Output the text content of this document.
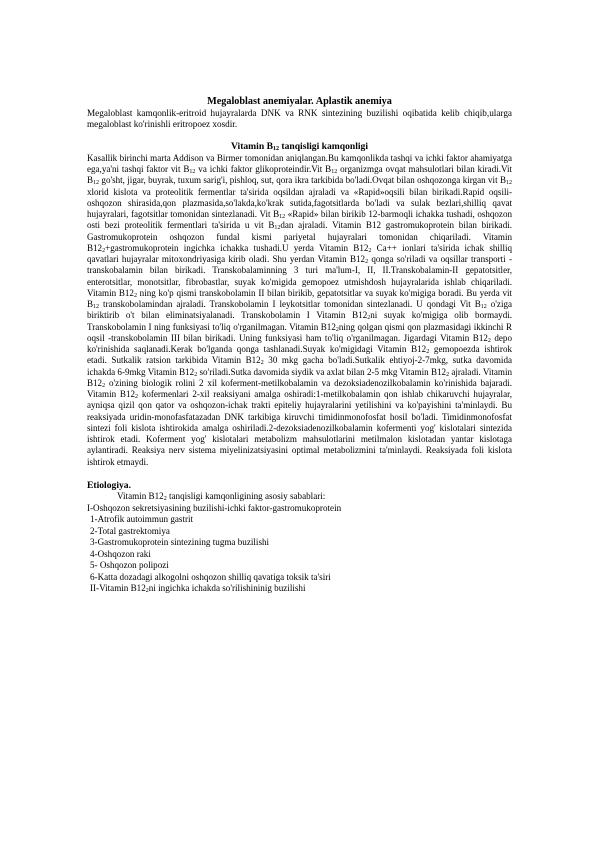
Megaloblast anemiyalar. Aplastik anemiya

Megaloblast kamqonlik-eritroid hujayralarda DNK va RNK sintezining buzilishi oqibatida kelib chiqib,ularga megaloblast ko'rinishli eritropoez xosdir.

Vitamin $B_{12}$ tanqisligi kamqonligi

Kasallik birinchi marta Addison va Birmer tomonidan aniqlangan.Bu kamqonlikda tashqi va ichki faktor ahamiyatga ega,ya'ni tashqi faktor vit $B_{12}$ va ichki faktor glikoproteindir.Vit $B_{12}$ organizmga ovqat mahsulotlari bilan kiradi.Vit $B_{12}$ go'sht, jigar, buyrak, tuxum sarig'i, pishloq, sut, qora ikra tarkibida bo'ladi.Ovqat bilan oshqozonga kirgan vit $B_{12}$ xlorid kislota va proteolitik fermentlar ta'sirida oqsildan ajraladi va «Rapid»oqsili bilan birikadi.Rapid oqsili-oshqozon shirasida,qon plazmasida,so'lakda,ko'krak sutida,fagotsitlarda bo'ladi va sulak bezlari,shilliq qavat hujayralari, fagotsitlar tomonidan sintezlanadi. Vit $B_{12}$ «Rapid» bilan birikib 12-barmoqli ichakka tushadi, oshqozon osti bezi proteolitik fermentlari ta'sirida u vit $B_{12}dan$ ajraladi. Vitamin B12 gastromukoprotein bilan birikadi. Gastromukoprotein oshqozon fundal kismi pariyetal hujayralari tomonidan chiqariladi. Vitamin $B12_2+gastromukoprotein$ ingichka ichakka tushadi.U yerda Vitamin $B12_2$ Ca++ ionlari ta'sirida ichak shilliq qavatlari hujayralar mitoxondriyasiga kirib oladi. Shu yerdan Vitamin $B12_2$ qonga so'riladi va oqsillar transporti -transkobalamin bilan birikadi. Transkobalaminning 3 turi ma'lum-I, II, II.Transkobalamin-II gepatotsitler, enterotsitlar, monotsitlar, fibrobastlar, suyak ko'migida gemopoez utmishdosh hujayralarida ishlab chiqariladi. Vitamin $B12_2$ ning ko'p qismi transkobolamin II bilan birikib, gepatotsitlar va suyak ko'migiga boradi. Bu yerda vit $B_{12}$ transkobolamindan ajraladi. Transkobolamin I leykotsitlar tomonidan sintezlanadi. U qondagi Vit $B_{12}$ o'ziga biriktirib o't bilan eliminatsiyalanadi. Transkobolamin I Vitamin $B12_2ni$ suyak ko'migiga olib bormaydi. Transkobolamin I ning funksiyasi to'liq o'rganilmagan. Vitamin $B12_2ning$ qolgan qismi qon plazmasidagi ikkinchi R oqsil -transkobolamin III bilan birikadi. Uning funksiyasi ham to'liq o'rganilmagan. Jigardagi Vitamin $B12_2$ depo ko'rinishida saqlanadi.Kerak bo'lganda qonga tashlanadi.Suyak ko'migidagi Vitamin $B12_2$ gemopoezda ishtirok etadi. Sutkalik ratsion tarkibida Vitamin $B12_2$ 30 mkg gacha bo'ladi.Sutkalik ehtiyoj-2-7mkg, sutka davomida ichakda 6-9mkg Vitamin $B12_2$ so'riladi.Sutka davomida siydik va axlat bilan 2-5 mkg Vitamin $B12_2$ ajraladi. Vitamin $B12_2$ o'zining biologik rolini 2 xil koferment-metilkobalamin va dezoksiadenozilkobalamin ko'rinishida bajaradi. Vitamin $B12_2$ kofermenlari 2-xil reaksiyani amalga oshiradi:1-metilkobalamin qon ishlab chikaruvchi hujayralar, ayniqsa qizil qon qator va oshqozon-ichak trakti epiteliy hujayralarini yetilishini va ko'payishini ta'minlaydi. Bu reaksiyada uridin-monofasfatazadan DNK tarkibiga kiruvchi timidinmonofosfat hosil bo'ladi. Timidinmonofosfat sintezi foli kislota ishtirokida amalga oshiriladi.2-dezoksiadenozilkobalamin kofermenti yog' kislotalari sintezida ishtirok etadi. Koferment yog' kislotalari metabolizm mahsulotlarini metilmalon kislotadan yantar kislotaga aylantiradi. Reaksiya nerv sistema miyelinizatsiyasini optimal metabolizmini ta'minlaydi. Reaksiyada foli kislota ishtirok etmaydi.

Etiologiya.

Vitamin $B12_2$ tanqisligi kamqonligining asosiy sabablari:
I-Oshqozon sekretsiyasining buzilishi-ichki faktor-gastromukoprotein
1-Atrofik autoimmun gastrit
2-Total gastrektomiya
3-Gastromukoprotein sintezining tugma buzilishi
4-Oshqozon raki
5- Oshqozon polipozi
6-Katta dozadagi alkogolni oshqozon shilliq qavatiga toksik ta'siri
II-Vitamin $B12_2ni$ ingichka ichakda so'rilishininig buzilishi
